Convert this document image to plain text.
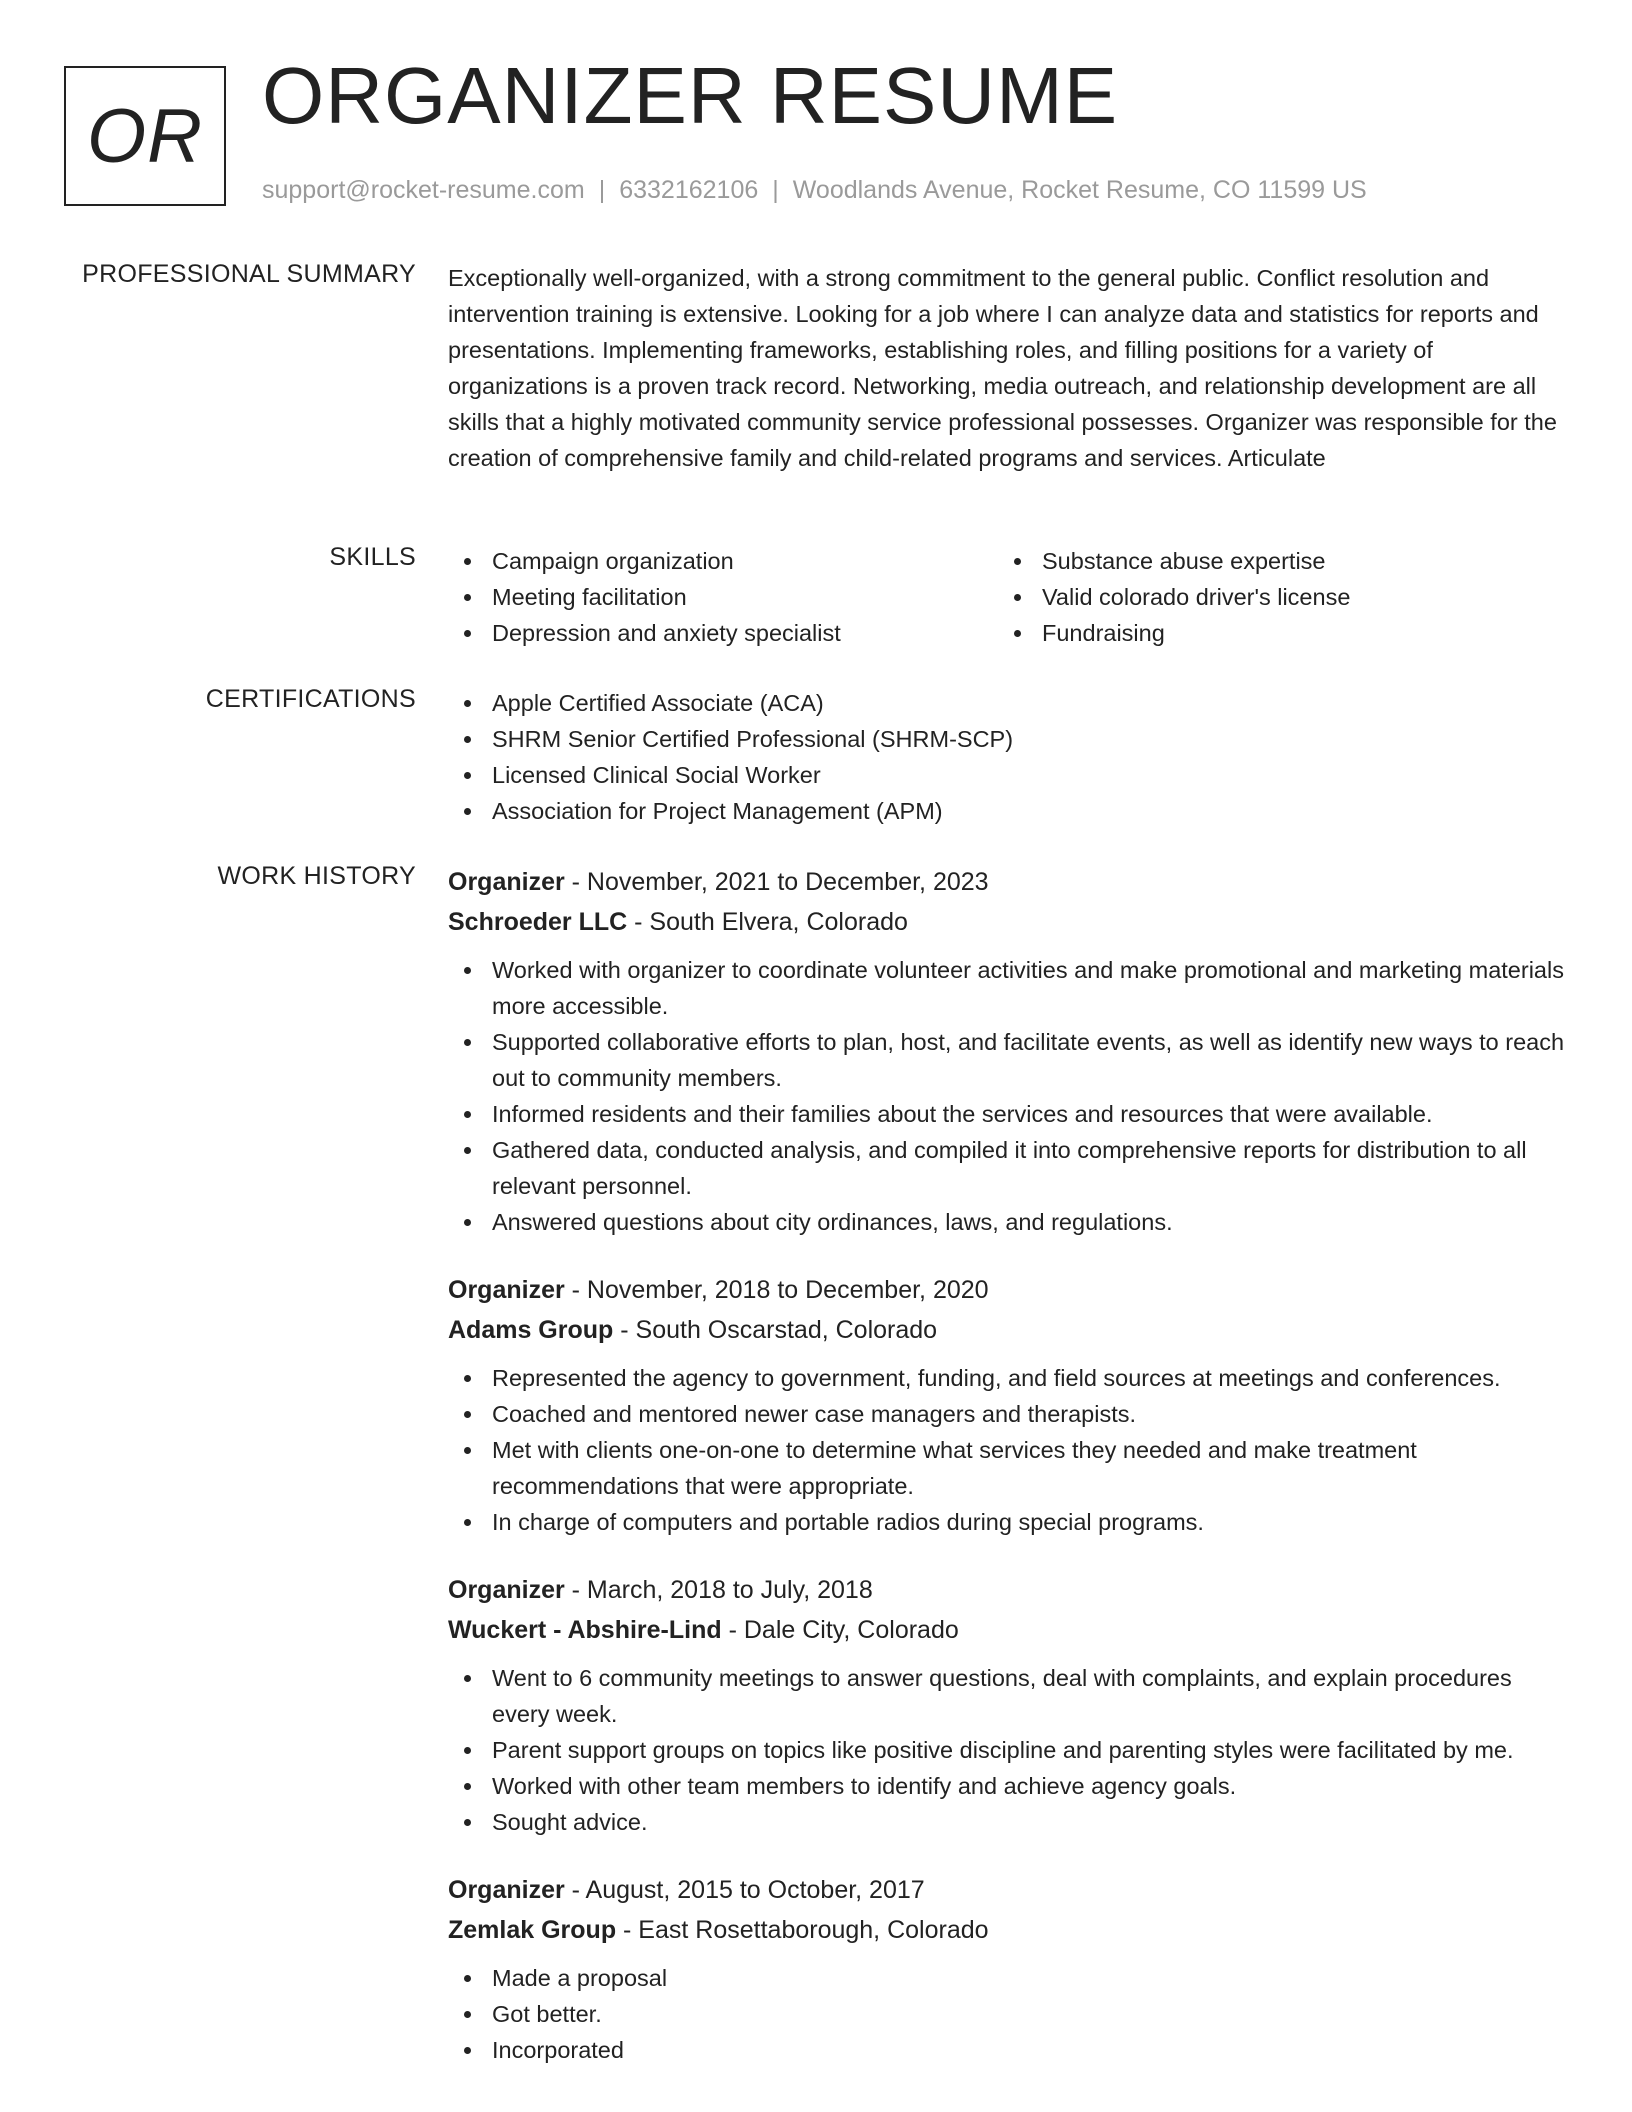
OR ORGANIZER RESUME
support@rocket-resume.com | 6332162106 | Woodlands Avenue, Rocket Resume, CO 11599 US
PROFESSIONAL SUMMARY Exceptionally well-organized, with a strong commitment to the general public. Conflict resolution and intervention training is extensive. Looking for a job where I can analyze data and statistics for reports and presentations. Implementing frameworks, establishing roles, and filling positions for a variety of organizations is a proven track record. Networking, media outreach, and relationship development are all skills that a highly motivated community service professional possesses. Organizer was responsible for the creation of comprehensive family and child-related programs and services. Articulate

SKILLS	Campaign organization
Meeting facilitation
Depression and anxiety specialist
Substance abuse expertise
Valid colorado driver's license
Fundraising
CERTIFICATIONS	Apple Certified Associate (ACA)
SHRM Senior Certified Professional (SHRM-SCP)
Licensed Clinical Social Worker
Association for Project Management (APM)
WORK HISTORY Organizer - November, 2021 to December, 2023
Schroeder LLC - South Elvera, Colorado
Worked with organizer to coordinate volunteer activities and make promotional and marketing materials more accessible.
Supported collaborative efforts to plan, host, and facilitate events, as well as identify new ways to reach out to community members.
Informed residents and their families about the services and resources that were available.
Gathered data, conducted analysis, and compiled it into comprehensive reports for distribution to all relevant personnel.
Answered questions about city ordinances, laws, and regulations.
Organizer - November, 2018 to December, 2020
Adams Group - South Oscarstad, Colorado
Represented the agency to government, funding, and field sources at meetings and conferences.
Coached and mentored newer case managers and therapists.
Met with clients one-on-one to determine what services they needed and make treatment recommendations that were appropriate.
In charge of computers and portable radios during special programs.
Organizer - March, 2018 to July, 2018
Wuckert - Abshire-Lind - Dale City, Colorado
Went to 6 community meetings to answer questions, deal with complaints, and explain procedures every week.
Parent support groups on topics like positive discipline and parenting styles were facilitated by me.
Worked with other team members to identify and achieve agency goals.
Sought advice.
Organizer - August, 2015 to October, 2017
Zemlak Group - East Rosettaborough, Colorado
Made a proposal
Got better.
Incorporated
